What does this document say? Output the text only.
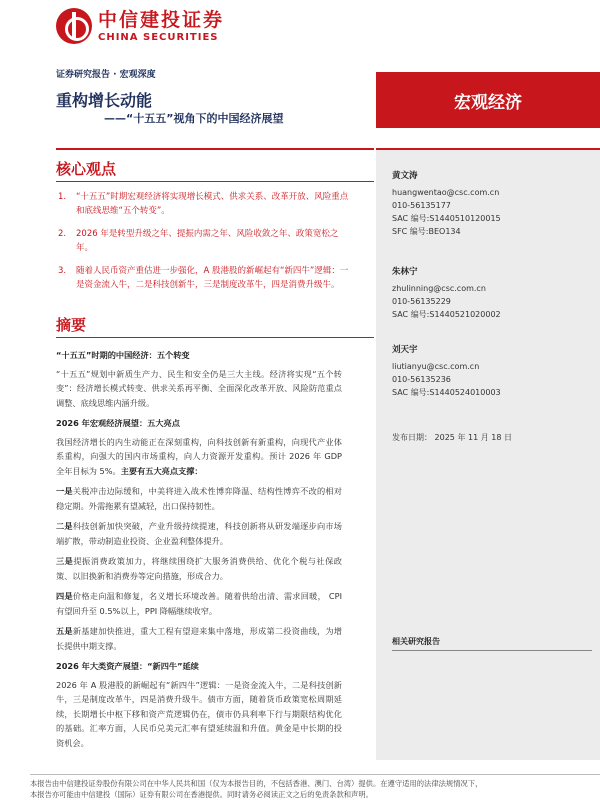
中信建投证券
CHINA SECURITIES
证券研究报告 · 宏观深度
重构增长动能
——“十五五”视角下的中国经济展望
宏观经济
核心观点
1.	“十五五”时期宏观经济将实现增长模式、供求关系、改革开放、风险重点和底线思维“五个转变”。
2.	2026 年是转型升级之年、提振内需之年、风险收敛之年、政策宽松之年。
3.	随着人民币资产重估进一步强化，A 股港股的新崛起有“新四牛”逻辑：一是资金流入牛，二是科技创新牛，三是制度改革牛，四是消费升级牛。
摘要
“十五五”时期的中国经济：五个转变
“十五五”规划中新质生产力、民生和安全仍是三大主线。经济将实现“五个转变”：经济增长模式转变、供求关系再平衡、全面深化改革开放、风险防范重点调整、底线思维内涵升级。
2026 年宏观经济展望：五大亮点
我国经济增长的内生动能正在深刻重构，向科技创新有新重构，向现代产业体系重构，向强大的国内市场重构，向人力资源开发重构。预计 2026 年 GDP 全年目标为 5%。主要有五大亮点支撑：
一是关税冲击边际缓和，中美将进入战术性博弈降温、结构性博弈不改的相对稳定期。外需拖累有望减轻，出口保持韧性。
二是科技创新加快突破，产业升级持续提速，科技创新将从研发端逐步向市场端扩散，带动制造业投资、企业盈利整体提升。
三是提振消费政策加力，将继续围绕扩大服务消费供给、优化个税与社保政策、以旧换新和消费券等定向措施，形成合力。
四是价格走向温和修复，名义增长环境改善。随着供给出清、需求回暖， CPI 有望回升至 0.5%以上，PPI 降幅继续收窄。
五是新基建加快推进，重大工程有望迎来集中落地，形成第二投资曲线，为增长提供中期支撑。
2026 年大类资产展望：“新四牛”延续
2026 年 A 股港股的新崛起有“新四牛”逻辑：一是资金流入牛，二是科技创新牛，三是制度改革牛，四是消费升级牛。债市方面，随着货币政策宽松周期延续，长期增长中枢下移和资产荒逻辑仍在，债市仍具利率下行与期限结构优化的基础。汇率方面，人民币兑美元汇率有望延续温和升值。黄金是中长期的投资机会。
黄文涛
huangwentao@csc.com.cn
010-56135177
SAC 编号:S1440510120015
SFC 编号:BEO134
朱林宁
zhulinning@csc.com.cn
010-56135229
SAC 编号:S1440521020002
刘天宇
liutianyu@csc.com.cn
010-56135236
SAC 编号:S1440524010003
发布日期： 2025 年 11 月 18 日
相关研究报告
本报告由中信建投证券股份有限公司在中华人民共和国（仅为本报告目的，不包括香港、澳门、台湾）提供。在遵守适用的法律法规情况下，
本报告亦可能由中信建投（国际）证券有限公司在香港提供。同时请务必阅读正文之后的免责条款和声明。
